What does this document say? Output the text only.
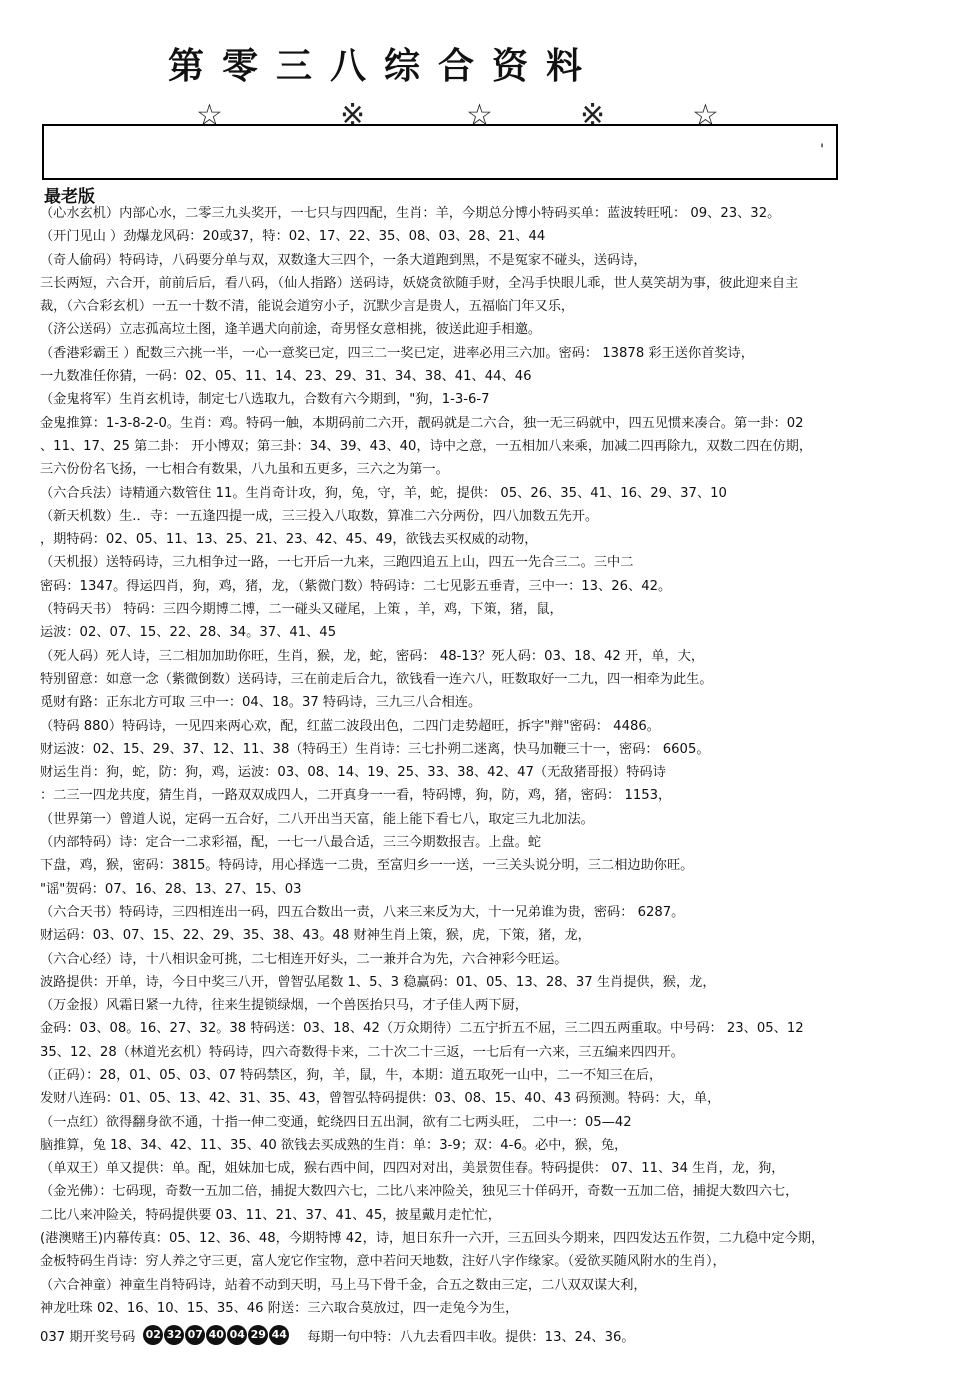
第零三八综合资料
☆	※	☆	※	☆
'
最老版
（心水玄机）内部心水，二零三九头奖开，一七只与四四配，生肖：羊，今期总分博小特码买单：蓝波转旺吼： 09、23、32。
（开门见山 ）劲爆龙风码：20或37，特：02、17、22、35、08、03、28、21、44
（奇人偷码）特码诗，八码要分单与双，双数逢大三四个，一条大道跑到黑，不是冤家不碰头，送码诗，
三长两短，六合开，前前后后，看八码，（仙人指路）送码诗，妖娆贪欲随手财，全冯手快眼儿乖，世人莫笑胡为事，彼此迎来自主
裁，（六合彩玄机）一五一十数不清，能说会道穷小子，沉默少言是贵人，五福临门年又乐，
（济公送码）立志孤高垃土图，逢羊遇犬向前途，奇男怪女意相挑，彼送此迎手相邀。
（香港彩霸王 ）配数三六挑一半，一心一意奖已定，四三二一奖已定，进率必用三六加。密码： 13878 彩王送你首奖诗，
一九数准任你猜，一码：02、05、11、14、23、29、31、34、38、41、44、46
（金鬼将军）生肖玄机诗，制定七八选取九，合数有六今期到，"狗，1-3-6-7
金鬼推算：1-3-8-2-0。生肖：鸡。特码一触，本期码前二六开，靓码就是二六合，独一无三码就中，四五见惯来凑合。第一卦：02
、11、17、25 第二卦： 开小博双；第三卦：34、39、43、40，诗中之意，一五相加八来乘，加减二四再除九，双数二四在仿期，
三六份份名飞扬，一七相合有数果，八九虽和五更多，三六之为第一。
（六合兵法）诗精通六数管住 11。生肖奇计攻，狗，兔，守，羊，蛇，提供： 05、26、35、41、16、29、37、10
（新天机数）生.．寺：一五逢四提一成，三三投入八取数，算准二六分两份，四八加数五先开。
，期特码：02、05、11、13、25、21、23、42、45、49，欲钱去买权威的动物，
（天机报）送特码诗，三九相争过一路，一七开后一九来，三跑四追五上山，四五一先合三二。三中二
密码：1347。得运四肖，狗，鸡，猪，龙，（紫微门数）特码诗：二七见影五垂青，三中一：13、26、42。
（特码天书） 特码：三四今期博二博，二一碰头又碰尾，上策 ，羊，鸡，下策，猪，鼠，
运波：02、07、15、22、28、34。37、41、45
（死人码）死人诗，三二相加加助你旺，生肖，猴，龙，蛇，密码： 48-13？死人码：03、18、42 开，单，大，
特别留意：如意一念（紫微倒数）送码诗，三在前走后合九，欲钱看一连六八，旺数取好一二九，四一相牵为此生。
觅财有路：正东北方可取 三中一：04、18。37 特码诗，三九三八合相连。
（特码 880）特码诗，一见四来两心欢，配，红蓝二波段出色，二四门走势超旺，拆字"辩"密码： 4486。
财运波：02、15、29、37、12、11、38（特码王）生肖诗：三七扑朔二迷离，快马加鞭三十一，密码： 6605。
财运生肖：狗，蛇，防：狗，鸡，运波：03、08、14、19、25、33、38、42、47（无敌猪哥报）特码诗
：二三一四龙共度，猜生肖，一路双双成四人，二开真身一一看，特码博，狗，防，鸡，猪，密码： 1153，
（世界第一）曾道人说，定码一五合好，二八开出当天富，能上能下看七八，取定三九北加法。
（内部特码）诗：定合一二求彩福，配，一七一八最合适，三三今期数报吉。上盘。蛇
下盘，鸡，猴，密码：3815。特码诗，用心择选一二贵，至富归乡一一送，一三关头说分明，三二相边助你旺。
"谣"贺码：07、16、28、13、27、15、03
（六合天书）特码诗，三四相连出一码，四五合数出一责，八来三来反为大，十一兄弟谁为贵，密码： 6287。
财运码：03、07、15、22、29、35、38、43。48 财神生肖上策，猴，虎，下策，猪，龙，
（六合心经）诗，十八相识金可挑，二七相连开好头，二一兼并合为先，六合神彩今旺运。
波路提供：开单，诗，今日中奖三八开，曾智弘尾数 1、5、3 稳赢码：01、05、13、28、37 生肖提供，猴，龙，
（万金报）风霜日紧一九待，往来生提锁绿烟，一个兽医抬只马，才子佳人两下厨，
金码：03、08。16、27、32。38 特码送：03、18、42（万众期待）二五宁折五不屈，三二四五两重取。中号码： 23、05、12
35、12、28（林道光玄机）特码诗，四六奇数得卡来，二十次二十三返，一七后有一六来，三五编来四四开。
（正码）：28，01、05、03、07 特码禁区，狗，羊，鼠，牛，本期：道五取死一山中，二一不知三在后，
发财八连码：01、05、13、42、31、35、43，曾智弘特码提供：03、08、15、40、43 码预测。特码：大，单，
（一点红）欲得翻身欲不通，十指一伸二变通，蛇绕四日五出洞，欲有二七两头旺， 二中一：05—42
脑推算，兔 18、34、42、11、35、40 欲钱去买成熟的生肖：单：3-9；双：4-6。必中，猴，兔，
（单双王）单又提供：单。配，姐妹加七成，猴右西中间，四四对对出，美景贺佳春。特码提供： 07、11、34 生肖，龙，狗，
（金光佛）：七码现，奇数一五加二倍，捕捉大数四六七，二比八来冲险关，独见三十佯码开，奇数一五加二倍，捕捉大数四六七，
二比八来冲险关，特码提供要 03、11、21、37、41、45，披星戴月走忙忙，
(港澳赌王)内幕传真：05、12、36、48，今期特博 42，诗，旭日东升一六开，三五回头今期来，四四发达五作贺，二九稳中定今期，
金板特码生肖诗：穷人养之守三更，富人宠它作宝物，意中若问天地数，注好八字作缘家。（爱欲买随风附水的生肖），
（六合神童）神童生肖特码诗，站着不动到天明，马上马下骨千金，合五之数由三定，二八双双谋大利，
神龙吐珠 02、16、10、15、35、46 附送：三六取合莫放过，四一走兔今为生，
037 期开奖号码 02 32 07 40 04 29 44 每期一句中特：八九去看四丰收。提供：13、24、36。
